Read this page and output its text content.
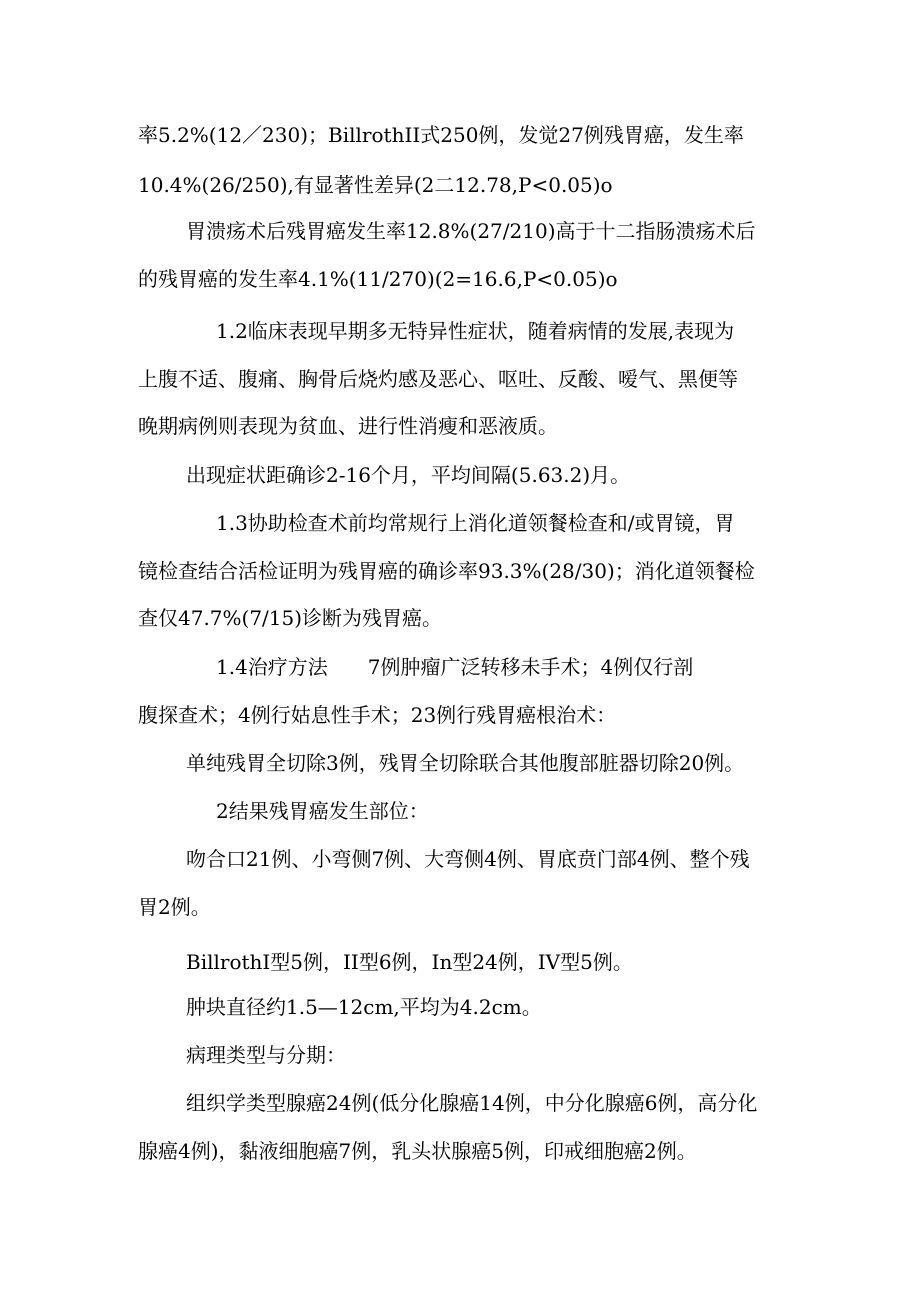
率5.2%(12／230)；BillrothII式250例，发觉27例残胃癌，发生率
10.4%(26/250),有显著性差异(2二12.78,P<0.05)o
胃溃疡术后残胃癌发生率12.8%(27/210)高于十二指肠溃疡术后
的残胃癌的发生率4.1%(11/270)(2=16.6,P<0.05)o
1.2临床表现早期多无特异性症状，随着病情的发展,表现为
上腹不适、腹痛、胸骨后烧灼感及恶心、呕吐、反酸、嗳气、黑便等
晚期病例则表现为贫血、进行性消瘦和恶液质。
出现症状距确诊2-16个月，平均间隔(5.63.2)月。
1.3协助检查术前均常规行上消化道领餐检查和/或胃镜，胃
镜检查结合活检证明为残胃癌的确诊率93.3%(28/30)；消化道领餐检
查仅47.7%(7/15)诊断为残胃癌。
1.4治疗方法　　7例肿瘤广泛转移未手术；4例仅行剖
腹探查术；4例行姑息性手术；23例行残胃癌根治术：
单纯残胃全切除3例，残胃全切除联合其他腹部脏器切除20例。
2结果残胃癌发生部位：
吻合口21例、小弯侧7例、大弯侧4例、胃底贲门部4例、整个残
胃2例。
BillrothI型5例，II型6例，In型24例，IV型5例。
肿块直径约1.5—12cm,平均为4.2cm。
病理类型与分期：
组织学类型腺癌24例(低分化腺癌14例，中分化腺癌6例，高分化
腺癌4例)，黏液细胞癌7例，乳头状腺癌5例，印戒细胞癌2例。
